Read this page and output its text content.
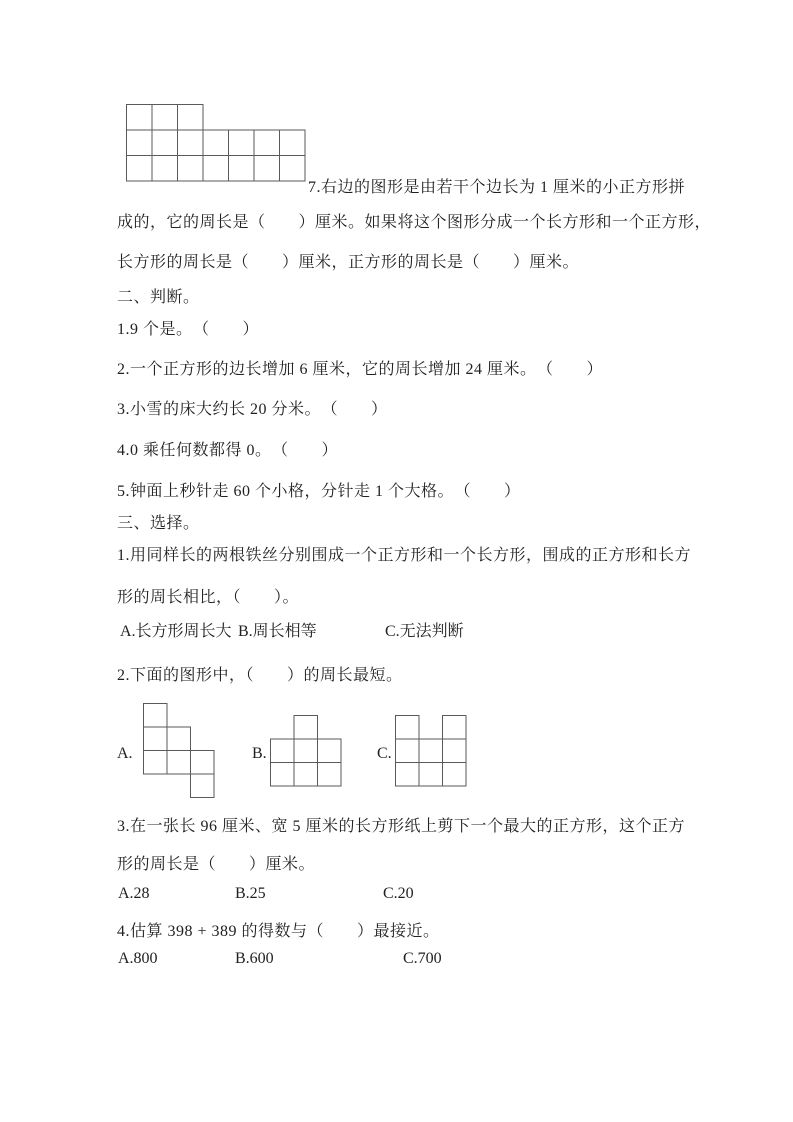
7.右边的图形是由若干个边长为 1 厘米的小正方形拼
成的，它的周长是（　　）厘米。如果将这个图形分成一个长方形和一个正方形，
长方形的周长是（　　）厘米，正方形的周长是（　　）厘米。
二、判断。
1.9 个是。　（　　）
2.一个正方形的边长增加 6 厘米，它的周长增加 24 厘米。　（　　）
3.小雪的床大约长 20 分米。　（　　）
4.0 乘任何数都得 0。　（　　）
5.钟面上秒针走 60 个小格，分针走 1 个大格。　（　　）
三、选择。
1.用同样长的两根铁丝分别围成一个正方形和一个长方形，围成的正方形和长方
形的周长相比，（　　）。
A.长方形周长大 B.周长相等	C.无法判断
2.下面的图形中，（　　）的周长最短。
A.	B.	C.
3.在一张长 96 厘米、宽 5 厘米的长方形纸上剪下一个最大的正方形，这个正方
形的周长是（　　）厘米。
A.28	B.25	C.20
4.估算 398 + 389 的得数与（　　）最接近。
A.800	B.600	C.700
